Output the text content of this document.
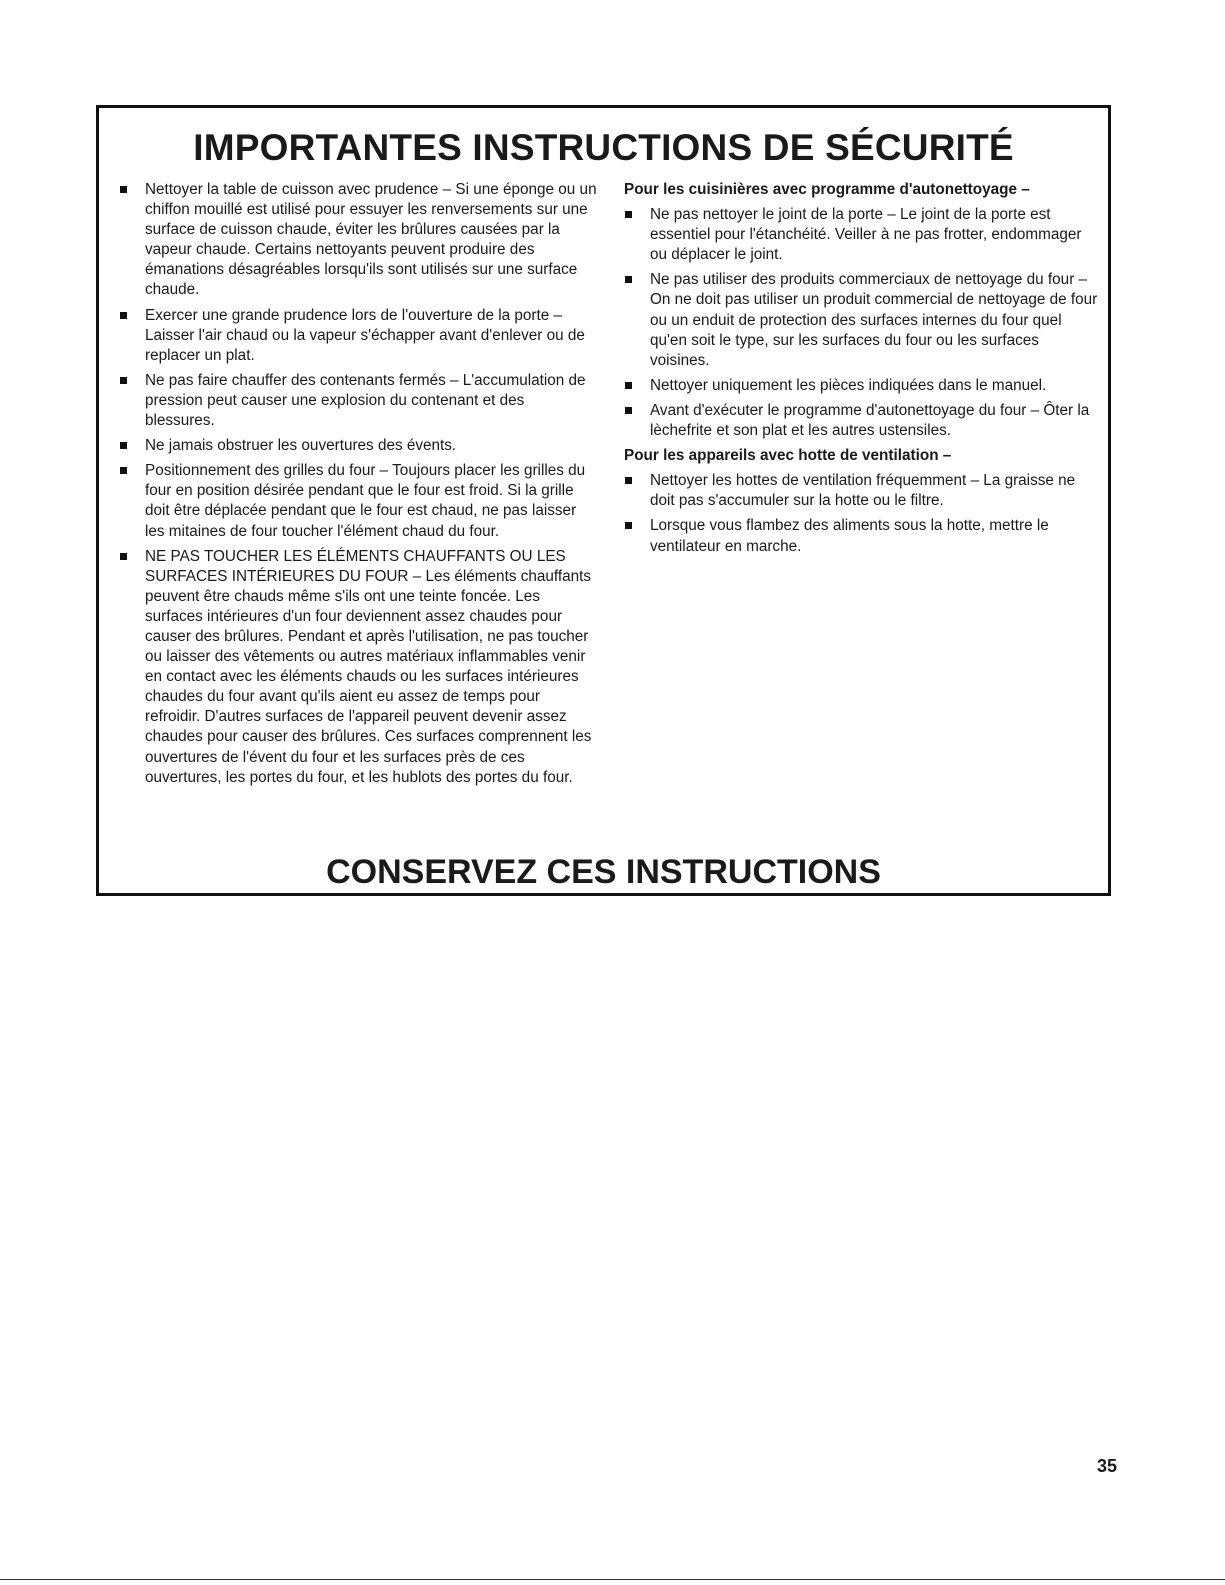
IMPORTANTES INSTRUCTIONS DE SÉCURITÉ
Nettoyer la table de cuisson avec prudence – Si une éponge ou un chiffon mouillé est utilisé pour essuyer les renversements sur une surface de cuisson chaude, éviter les brûlures causées par la vapeur chaude. Certains nettoyants peuvent produire des émanations désagréables lorsqu'ils sont utilisés sur une surface chaude.
Exercer une grande prudence lors de l'ouverture de la porte – Laisser l'air chaud ou la vapeur s'échapper avant d'enlever ou de replacer un plat.
Ne pas faire chauffer des contenants fermés – L'accumulation de pression peut causer une explosion du contenant et des blessures.
Ne jamais obstruer les ouvertures des évents.
Positionnement des grilles du four – Toujours placer les grilles du four en position désirée pendant que le four est froid. Si la grille doit être déplacée pendant que le four est chaud, ne pas laisser les mitaines de four toucher l'élément chaud du four.
NE PAS TOUCHER LES ÉLÉMENTS CHAUFFANTS OU LES SURFACES INTÉRIEURES DU FOUR – Les éléments chauffants peuvent être chauds même s'ils ont une teinte foncée. Les surfaces intérieures d'un four deviennent assez chaudes pour causer des brûlures. Pendant et après l'utilisation, ne pas toucher ou laisser des vêtements ou autres matériaux inflammables venir en contact avec les éléments chauds ou les surfaces intérieures chaudes du four avant qu'ils aient eu assez de temps pour refroidir. D'autres surfaces de l'appareil peuvent devenir assez chaudes pour causer des brûlures. Ces surfaces comprennent les ouvertures de l'évent du four et les surfaces près de ces ouvertures, les portes du four, et les hublots des portes du four.

Pour les cuisinières avec programme d'autonettoyage –

Ne pas nettoyer le joint de la porte – Le joint de la porte est essentiel pour l'étanchéité. Veiller à ne pas frotter, endommager ou déplacer le joint.
Ne pas utiliser des produits commerciaux de nettoyage du four – On ne doit pas utiliser un produit commercial de nettoyage de four ou un enduit de protection des surfaces internes du four quel qu'en soit le type, sur les surfaces du four ou les surfaces voisines.
Nettoyer uniquement les pièces indiquées dans le manuel.
Avant d'exécuter le programme d'autonettoyage du four – Ôter la lèchefrite et son plat et les autres ustensiles.

Pour les appareils avec hotte de ventilation –

Nettoyer les hottes de ventilation fréquemment – La graisse ne doit pas s'accumuler sur la hotte ou le filtre.
Lorsque vous flambez des aliments sous la hotte, mettre le ventilateur en marche.
CONSERVEZ CES INSTRUCTIONS
35
